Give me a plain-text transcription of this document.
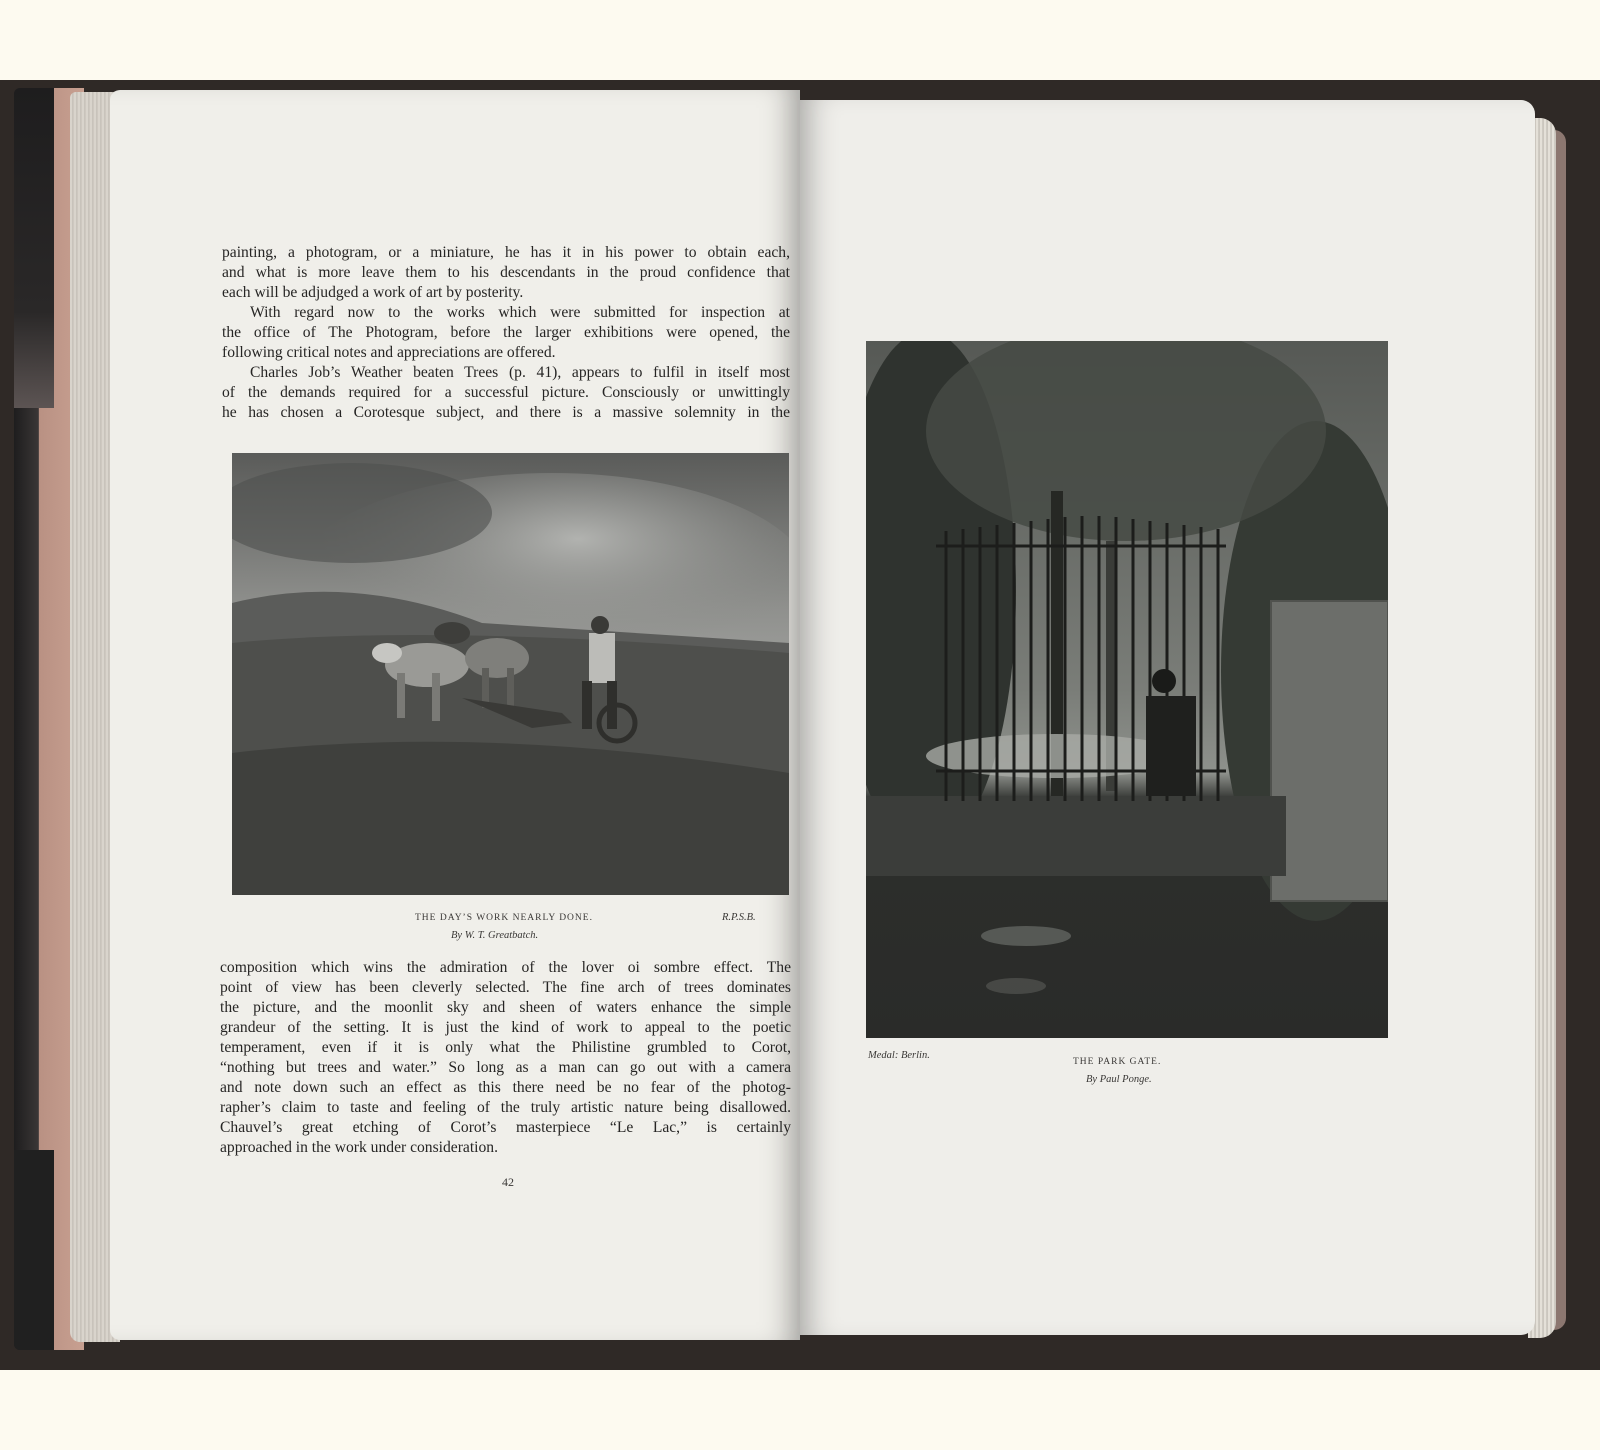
painting, a photogram, or a miniature, he has it in his power to obtain each,
and what is more leave them to his descendants in the proud confidence that
each will be adjudged a work of art by posterity.
With regard now to the works which were submitted for inspection at
the office of The Photogram, before the larger exhibitions were opened, the
following critical notes and appreciations are offered.
Charles Job’s Weather beaten Trees (p. 41), appears to fulfil in itself most
of the demands required for a successful picture. Consciously or unwittingly
he has chosen a Corotesque subject, and there is a massive solemnity in the
THE DAY’S WORK NEARLY DONE.	R.P.S.B.
By W. T. Greatbatch.
composition which wins the admiration of the lover oi sombre effect. The
point of view has been cleverly selected. The fine arch of trees dominates
the picture, and the moonlit sky and sheen of waters enhance the simple
grandeur of the setting. It is just the kind of work to appeal to the poetic
temperament, even if it is only what the Philistine grumbled to Corot,
“nothing but trees and water.” So long as a man can go out with a camera
and note down such an effect as this there need be no fear of the photog-
rapher’s claim to taste and feeling of the truly artistic nature being disallowed.
Chauvel’s great etching of Corot’s masterpiece “Le Lac,” is certainly
approached in the work under consideration.
42
Medal: Berlin.
THE PARK GATE.
By Paul Ponge.
